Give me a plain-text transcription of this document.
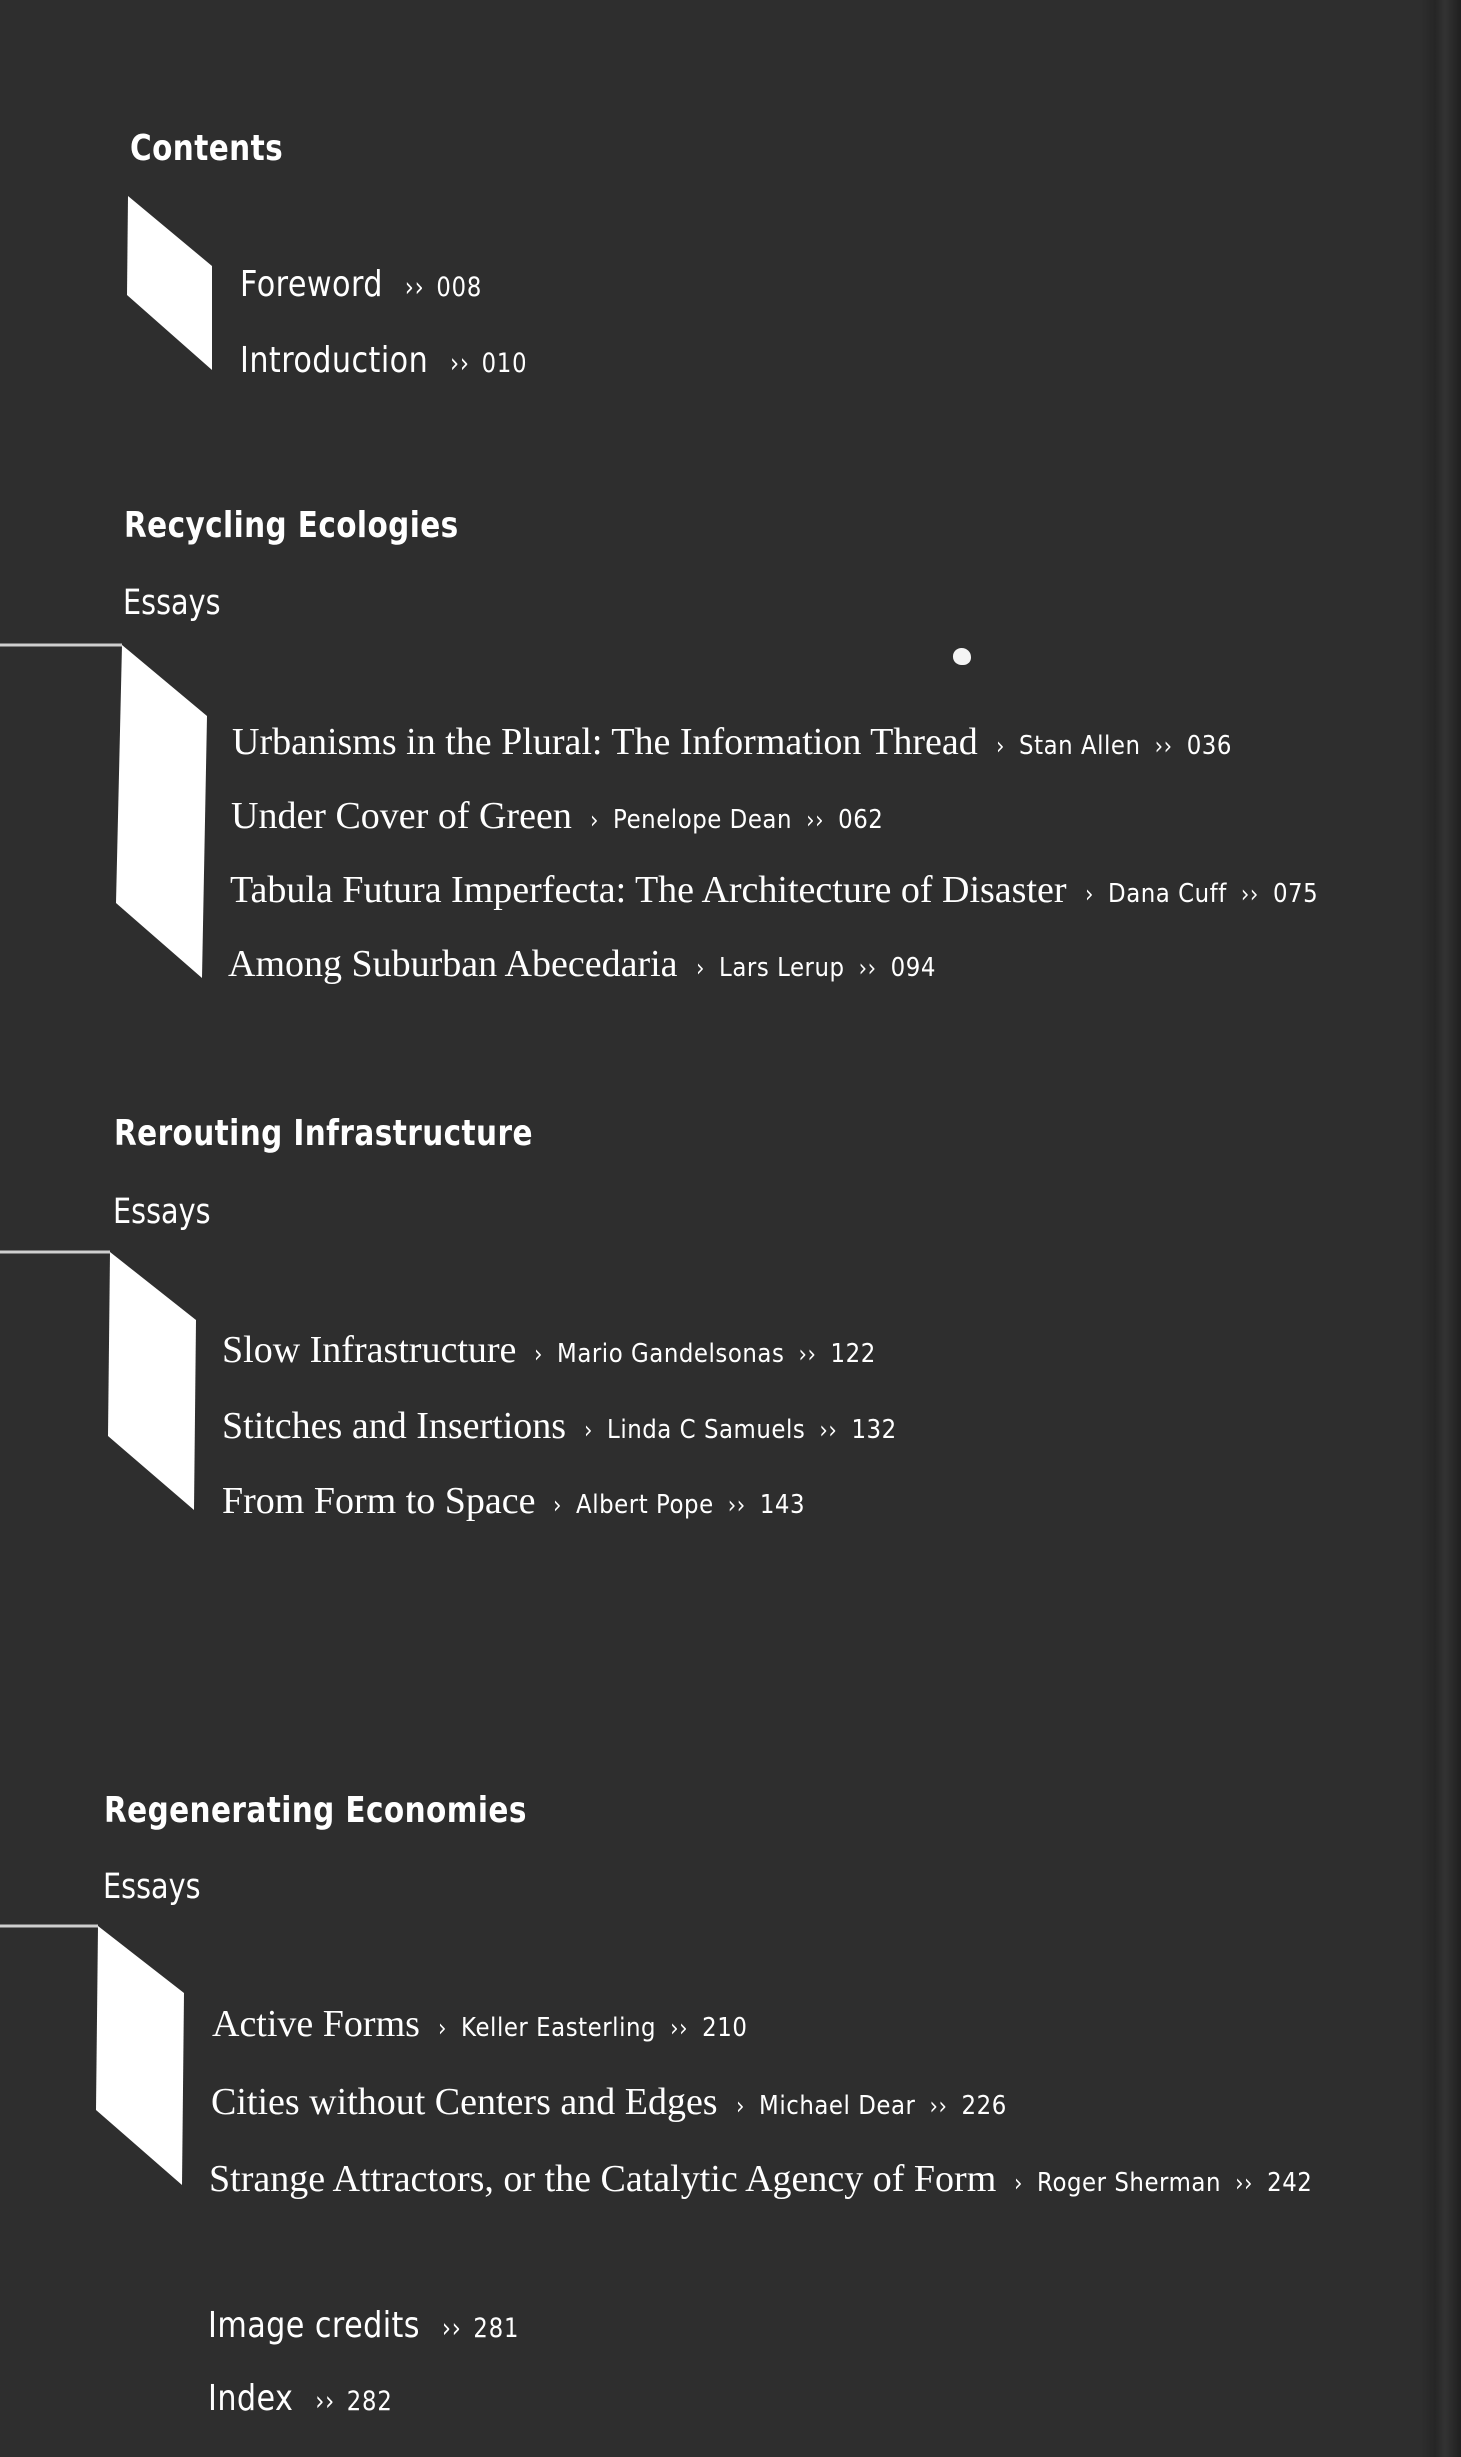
Contents
Foreword ›› 008
Introduction ›› 010
Recycling Ecologies
Essays
Urbanisms in the Plural: The Information Thread › Stan Allen ›› 036
Under Cover of Green › Penelope Dean ›› 062
Tabula Futura Imperfecta: The Architecture of Disaster › Dana Cuff ›› 075
Among Suburban Abecedaria › Lars Lerup ›› 094
Rerouting Infrastructure
Essays
Slow Infrastructure › Mario Gandelsonas ›› 122
Stitches and Insertions › Linda C Samuels ›› 132
From Form to Space › Albert Pope ›› 143
Regenerating Economies
Essays
Active Forms › Keller Easterling ›› 210
Cities without Centers and Edges › Michael Dear ›› 226
Strange Attractors, or the Catalytic Agency of Form › Roger Sherman ›› 242
Image credits ›› 281
Index ›› 282
